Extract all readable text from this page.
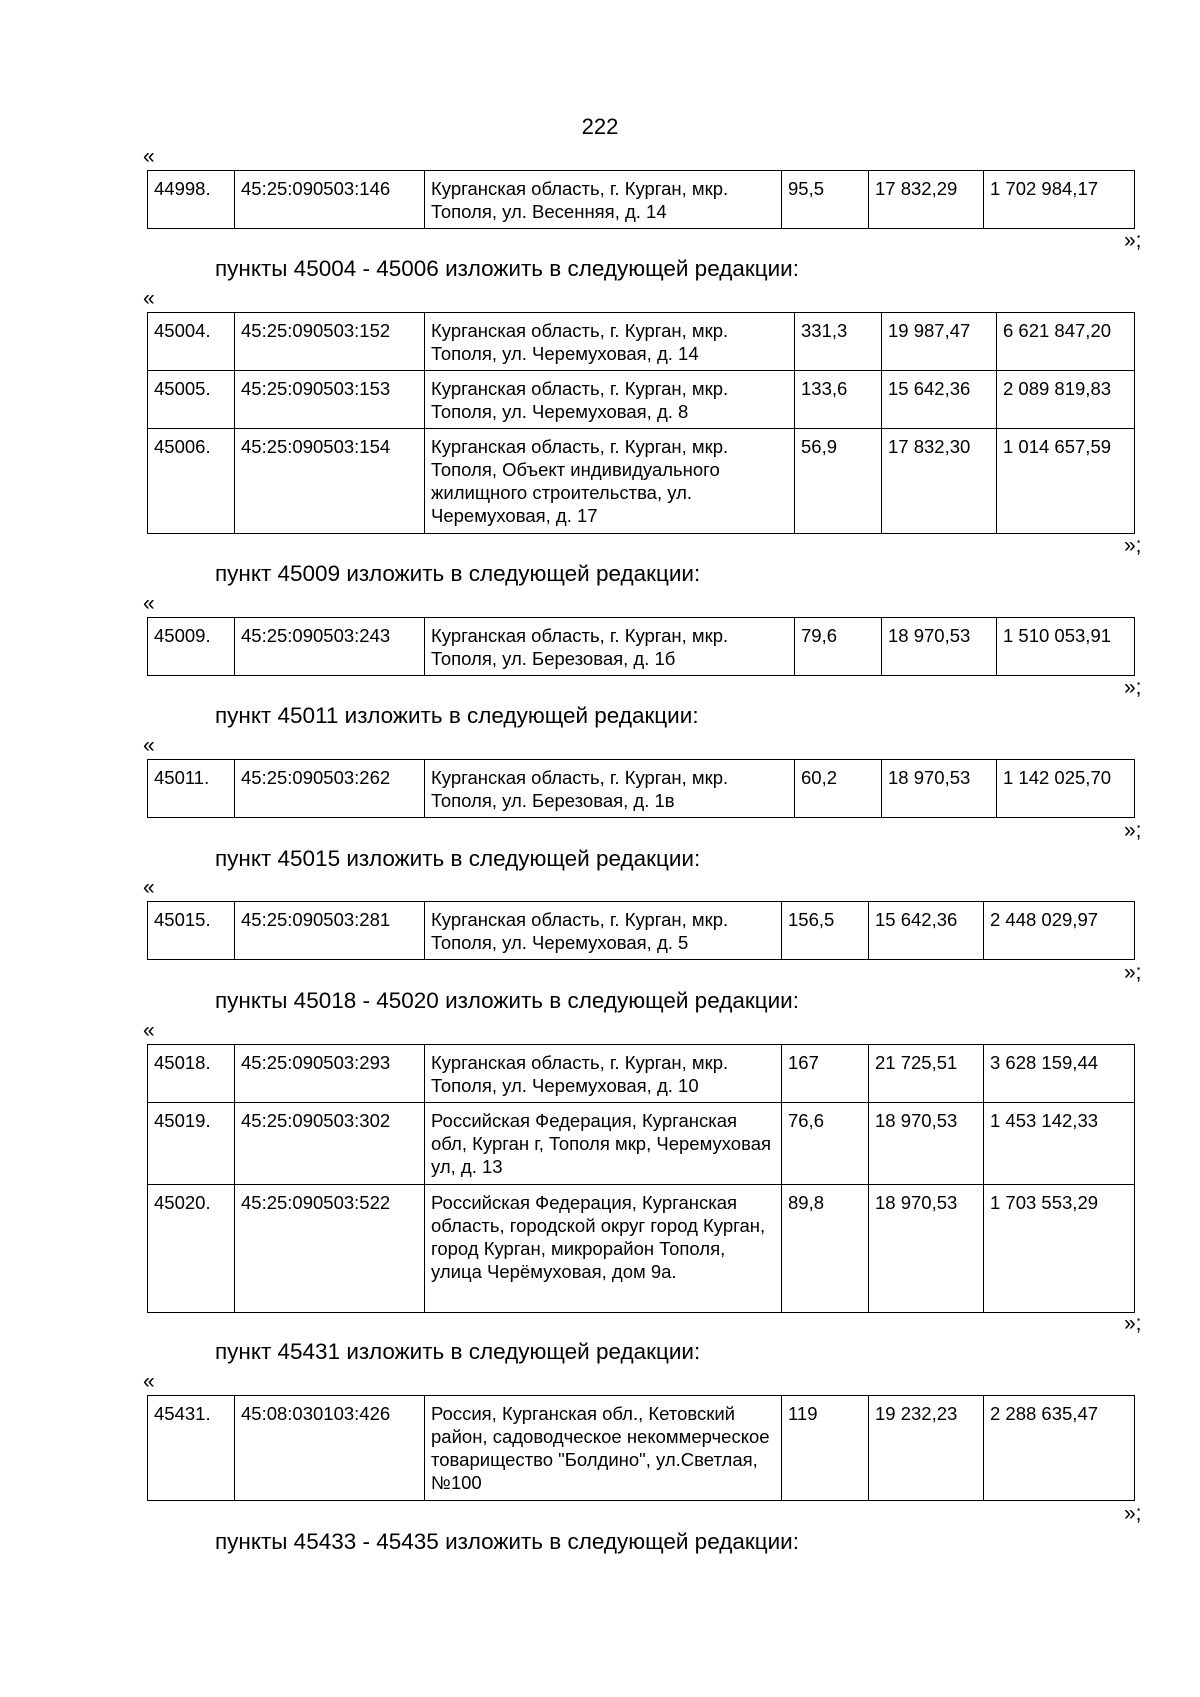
222
«
44998.	45:25:090503:146	Курганская область, г. Курган, мкр. Тополя, ул. Весенняя, д. 14	95,5	17 832,29	1 702 984,17
»;
пункты 45004 - 45006 изложить в следующей редакции:
«
45004.	45:25:090503:152	Курганская область, г. Курган, мкр. Тополя, ул. Черемуховая, д. 14	331,3	19 987,47	6 621 847,20
45005.	45:25:090503:153	Курганская область, г. Курган, мкр. Тополя, ул. Черемуховая, д. 8	133,6	15 642,36	2 089 819,83
45006.	45:25:090503:154	Курганская область, г. Курган, мкр. Тополя, Объект индивидуального жилищного строительства, ул. Черемуховая, д. 17	56,9	17 832,30	1 014 657,59
»;
пункт 45009 изложить в следующей редакции:
«
45009.	45:25:090503:243	Курганская область, г. Курган, мкр. Тополя, ул. Березовая, д. 1б	79,6	18 970,53	1 510 053,91
»;
пункт 45011 изложить в следующей редакции:
«
45011.	45:25:090503:262	Курганская область, г. Курган, мкр. Тополя, ул. Березовая, д. 1в	60,2	18 970,53	1 142 025,70
»;
пункт 45015 изложить в следующей редакции:
«
45015.	45:25:090503:281	Курганская область, г. Курган, мкр. Тополя, ул. Черемуховая, д. 5	156,5	15 642,36	2 448 029,97
»;
пункты 45018 - 45020 изложить в следующей редакции:
«
45018.	45:25:090503:293	Курганская область, г. Курган, мкр. Тополя, ул. Черемуховая, д. 10	167	21 725,51	3 628 159,44
45019.	45:25:090503:302	Российская Федерация, Курганская обл, Курган г, Тополя мкр, Черемуховая ул, д. 13	76,6	18 970,53	1 453 142,33
45020.	45:25:090503:522	Российская Федерация, Курганская область, городской округ город Курган, город Курган, микрорайон Тополя, улица Черёмуховая, дом 9а.	89,8	18 970,53	1 703 553,29
»;
пункт 45431 изложить в следующей редакции:
«
45431.	45:08:030103:426	Россия, Курганская обл., Кетовский район, садоводческое некоммерческое товарищество "Болдино", ул.Светлая, №100	119	19 232,23	2 288 635,47
»;
пункты 45433 - 45435 изложить в следующей редакции:
